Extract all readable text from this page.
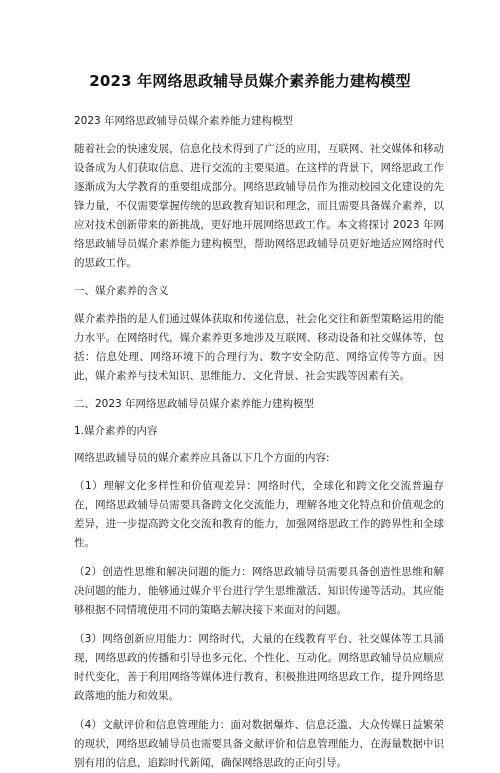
2023 年网络思政辅导员媒介素养能力建构模型

2023 年网络思政辅导员媒介素养能力建构模型

随着社会的快速发展，信息化技术得到了广泛的应用，互联网、社交媒体和移动设备成为人们获取信息、进行交流的主要渠道。在这样的背景下，网络思政工作逐渐成为大学教育的重要组成部分。网络思政辅导员作为推动校园文化建设的先锋力量，不仅需要掌握传统的思政教育知识和理念，而且需要具备媒介素养，以应对技术创新带来的新挑战，更好地开展网络思政工作。本文将探讨 2023 年网络思政辅导员媒介素养能力建构模型，帮助网络思政辅导员更好地适应网络时代的思政工作。

一、媒介素养的含义

媒介素养指的是人们通过媒体获取和传递信息，社会化交往和新型策略运用的能力水平。在网络时代，媒介素养更多地涉及互联网、移动设备和社交媒体等，包括：信息处理、网络环境下的合理行为、数字安全防范、网络宣传等方面。因此，媒介素养与技术知识、思维能力、文化背景、社会实践等因素有关。

二、2023 年网络思政辅导员媒介素养能力建构模型

1.媒介素养的内容

网络思政辅导员的媒介素养应具备以下几个方面的内容:

（1）理解文化多样性和价值观差异：网络时代，全球化和跨文化交流普遍存在，网络思政辅导员需要具备跨文化交流能力，理解各地文化特点和价值观念的差异，进一步提高跨文化交流和教育的能力，加强网络思政工作的跨界性和全球性。

（2）创造性思维和解决问题的能力：网络思政辅导员需要具备创造性思维和解决问题的能力，能够通过媒介平台进行学生思维激活、知识传递等活动。其应能够根据不同情境使用不同的策略去解决接下来面对的问题。

（3）网络创新应用能力：网络时代，大量的在线教育平台、社交媒体等工具涌现，网络思政的传播和引导也多元化、个性化、互动化。网络思政辅导员应顺应时代变化，善于利用网络等媒体进行教育，积极推进网络思政工作，提升网络思政落地的能力和效果。

（4）文献评价和信息管理能力：面对数据爆炸、信息泛滥、大众传媒日益繁荣的现状，网络思政辅导员也需要具备文献评价和信息管理能力，在海量数据中识别有用的信息，追踪时代新闻，确保网络思政的正向引导。
